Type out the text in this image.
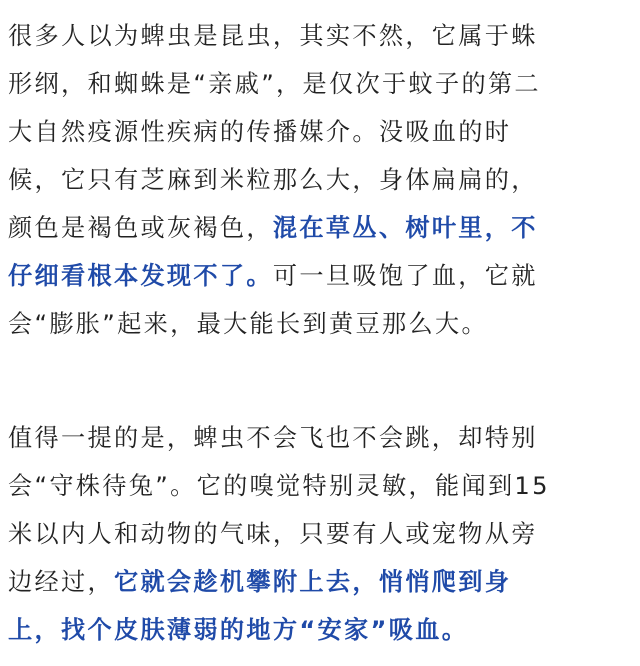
很多人以为蜱虫是昆虫，其实不然，它属于蛛
形纲，和蜘蛛是“亲戚”，是仅次于蚊子的第二
大自然疫源性疾病的传播媒介。没吸血的时
候，它只有芝麻到米粒那么大，身体扁扁的，
颜色是褐色或灰褐色，混在草丛、树叶里，不
仔细看根本发现不了。可一旦吸饱了血，它就
会“膨胀”起来，最大能长到黄豆那么大。
值得一提的是，蜱虫不会飞也不会跳，却特别
会“守株待兔”。它的嗅觉特别灵敏，能闻到15
米以内人和动物的气味，只要有人或宠物从旁
边经过，它就会趁机攀附上去，悄悄爬到身
上，找个皮肤薄弱的地方“安家”吸血。
